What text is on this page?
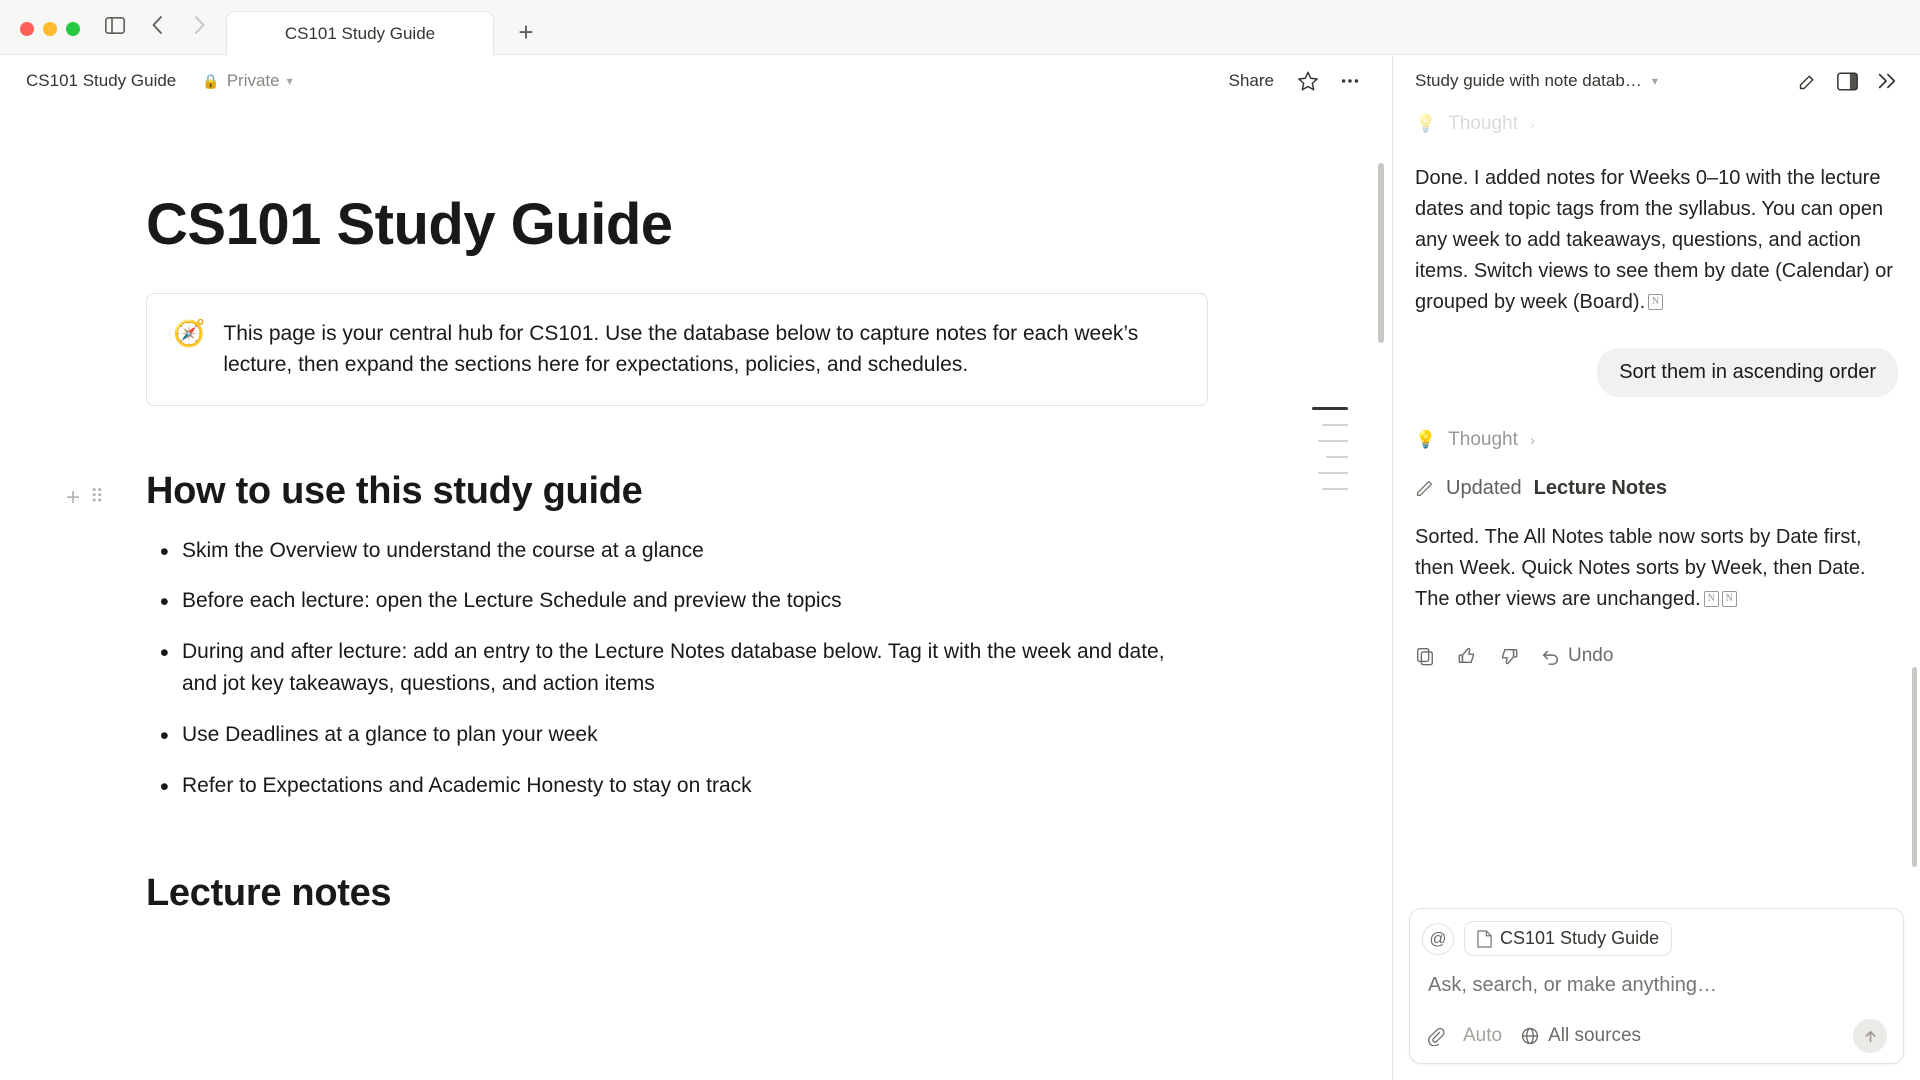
CS101 Study Guide	+
CS101 Study Guide 🔒 Private ▾	Share
CS101 Study Guide
🧭 This page is your central hub for CS101. Use the database below to capture notes for each week’s lecture, then expand the sections here for expectations, policies, and schedules.
+ ⠿ How to use this study guide
• Skim the Overview to understand the course at a glance
• Before each lecture: open the Lecture Schedule and preview the topics
• During and after lecture: add an entry to the Lecture Notes database below. Tag it with the week and date, and jot key takeaways, questions, and action items
• Use Deadlines at a glance to plan your week
• Refer to Expectations and Academic Honesty to stay on track
Lecture notes
Study guide with note datab… ▾
💡 Thought ›
Done. I added notes for Weeks 0–10 with the lecture dates and topic tags from the syllabus. You can open any week to add takeaways, questions, and action items. Switch views to see them by date (Calendar) or grouped by week (Board).N
Sort them in ascending order
💡 Thought ›
Updated Lecture Notes
Sorted. The All Notes table now sorts by Date first, then Week. Quick Notes sorts by Week, then Date. The other views are unchanged.NN
Undo
@	CS101 Study Guide
Ask, search, or make anything…
Auto All sources
